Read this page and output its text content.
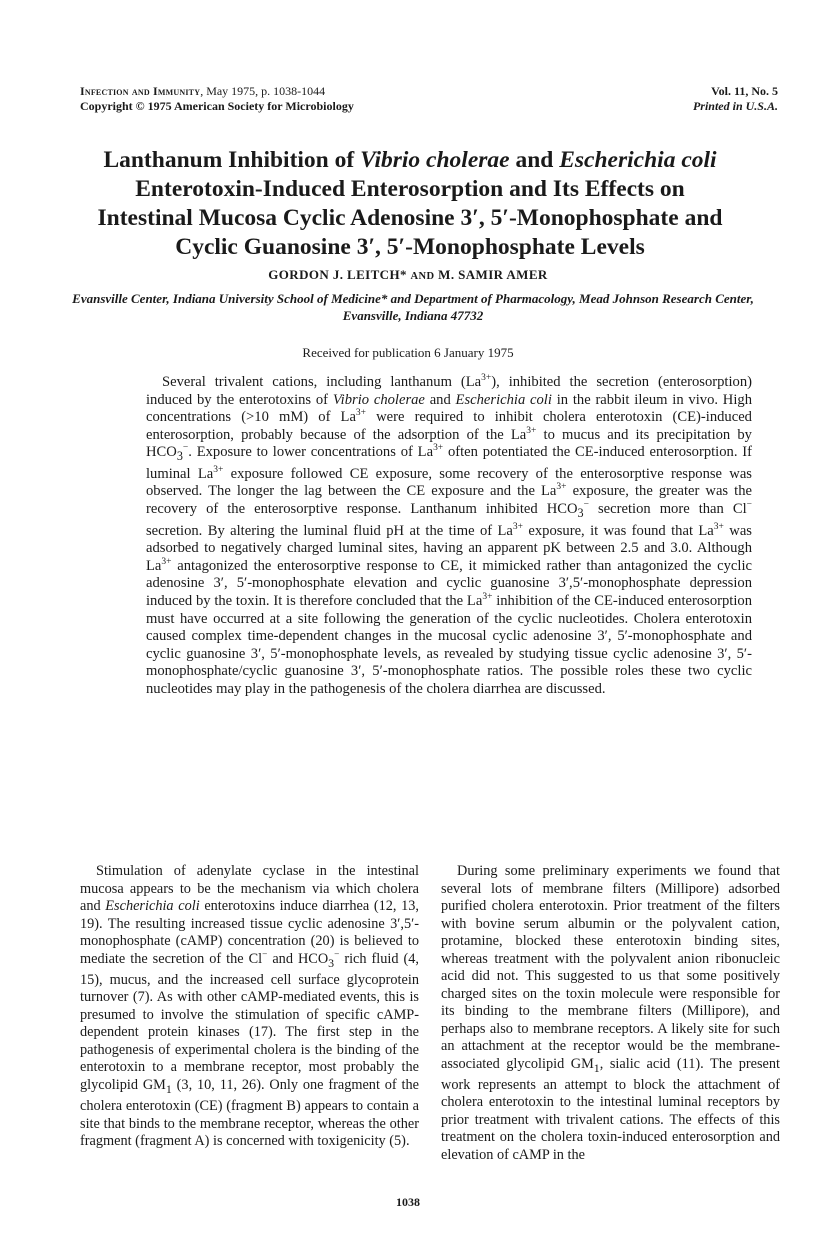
Infection and Immunity, May 1975, p. 1038-1044
Copyright © 1975 American Society for Microbiology
Vol. 11, No. 5
Printed in U.S.A.
Lanthanum Inhibition of Vibrio cholerae and Escherichia coli
Enterotoxin-Induced Enterosorption and Its Effects on
Intestinal Mucosa Cyclic Adenosine 3′, 5′-Monophosphate and
Cyclic Guanosine 3′, 5′-Monophosphate Levels
GORDON J. LEITCH* AND M. SAMIR AMER
Evansville Center, Indiana University School of Medicine* and Department of Pharmacology, Mead Johnson Research Center, Evansville, Indiana 47732
Received for publication 6 January 1975
Several trivalent cations, including lanthanum $(La^{3+})$, inhibited the secretion (enterosorption) induced by the enterotoxins of Vibrio cholerae and Escherichia coli in the rabbit ileum in vivo. High concentrations (>10 mM) of $La^{3+}$ were required to inhibit cholera enterotoxin (CE)-induced enterosorption, probably because of the adsorption of the $La^{3+}$ to mucus and its precipitation by $HCO_3^-$. Exposure to lower concentrations of $La^{3+}$ often potentiated the CE-induced enterosorption. If luminal $La^{3+}$ exposure followed CE exposure, some recovery of the enterosorptive response was observed. The longer the lag between the CE exposure and the $La^{3+}$ exposure, the greater was the recovery of the enterosorptive response. Lanthanum inhibited $HCO_3^-$ secretion more than Cl− secretion. By altering the luminal fluid pH at the time of $La^{3+}$ exposure, it was found that $La^{3+}$ was adsorbed to negatively charged luminal sites, having an apparent pK between 2.5 and 3.0. Although $La^{3+}$ antagonized the enterosorptive response to CE, it mimicked rather than antagonized the cyclic adenosine 3′, 5′-monophosphate elevation and cyclic guanosine 3′,5′-monophosphate depression induced by the toxin. It is therefore concluded that the $La^{3+}$ inhibition of the CE-induced enterosorption must have occurred at a site following the generation of the cyclic nucleotides. Cholera enterotoxin caused complex time-dependent changes in the mucosal cyclic adenosine 3′, 5′-monophosphate and cyclic guanosine 3′, 5′-monophosphate levels, as revealed by studying tissue cyclic adenosine 3′, 5′-monophosphate/cyclic guanosine 3′, 5′-monophosphate ratios. The possible roles these two cyclic nucleotides may play in the pathogenesis of the cholera diarrhea are discussed.
Stimulation of adenylate cyclase in the intestinal mucosa appears to be the mechanism via which cholera and Escherichia coli enterotoxins induce diarrhea (12, 13, 19). The resulting increased tissue cyclic adenosine 3′,5′-monophosphate (cAMP) concentration (20) is believed to mediate the secretion of the Cl− and $HCO_3^-$ rich fluid (4, 15), mucus, and the increased cell surface glycoprotein turnover (7). As with other cAMP-mediated events, this is presumed to involve the stimulation of specific cAMP-dependent protein kinases (17). The first step in the pathogenesis of experimental cholera is the binding of the enterotoxin to a membrane receptor, most probably the glycolipid $GM_1$ (3, 10, 11, 26). Only one fragment of the cholera enterotoxin (CE) (fragment B) appears to contain a site that binds to the membrane receptor, whereas the other fragment (fragment A) is concerned with toxigenicity (5).
During some preliminary experiments we found that several lots of membrane filters (Millipore) adsorbed purified cholera enterotoxin. Prior treatment of the filters with bovine serum albumin or the polyvalent cation, protamine, blocked these enterotoxin binding sites, whereas treatment with the polyvalent anion ribonucleic acid did not. This suggested to us that some positively charged sites on the toxin molecule were responsible for its binding to the membrane filters (Millipore), and perhaps also to membrane receptors. A likely site for such an attachment at the receptor would be the membrane-associated glycolipid $GM_1$, sialic acid (11). The present work represents an attempt to block the attachment of cholera enterotoxin to the intestinal luminal receptors by prior treatment with trivalent cations. The effects of this treatment on the cholera toxin-induced enterosorption and elevation of cAMP in the
1038
